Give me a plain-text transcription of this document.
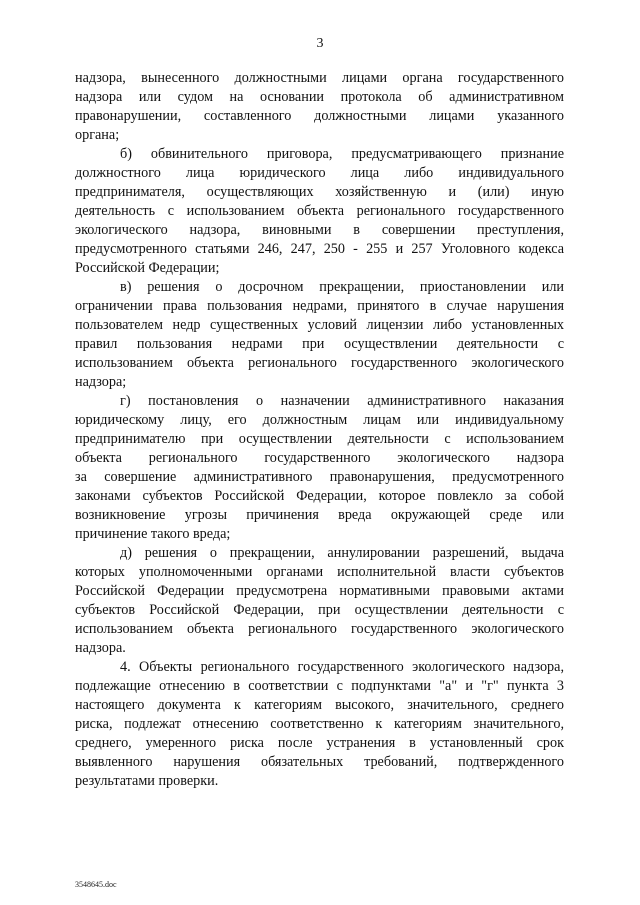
3
надзора, вынесенного должностными лицами органа государственного
надзора или судом на основании протокола об административном
правонарушении, составленного должностными лицами указанного
органа;
б) обвинительного приговора, предусматривающего признание
должностного лица юридического лица либо индивидуального
предпринимателя, осуществляющих хозяйственную и (или) иную
деятельность с использованием объекта регионального государственного
экологического надзора, виновными в совершении преступления,
предусмотренного статьями 246, 247, 250 - 255 и 257 Уголовного кодекса
Российской Федерации;
в) решения о досрочном прекращении, приостановлении или
ограничении права пользования недрами, принятого в случае нарушения
пользователем недр существенных условий лицензии либо установленных
правил пользования недрами при осуществлении деятельности с
использованием объекта регионального государственного экологического
надзора;
г) постановления о назначении административного наказания
юридическому лицу, его должностным лицам или индивидуальному
предпринимателю при осуществлении деятельности с использованием
объекта регионального государственного экологического надзора
за совершение административного правонарушения, предусмотренного
законами субъектов Российской Федерации, которое повлекло за собой
возникновение угрозы причинения вреда окружающей среде или
причинение такого вреда;
д) решения о прекращении, аннулировании разрешений, выдача
которых уполномоченными органами исполнительной власти субъектов
Российской Федерации предусмотрена нормативными правовыми актами
субъектов Российской Федерации, при осуществлении деятельности с
использованием объекта регионального государственного экологического
надзора.
4. Объекты регионального государственного экологического надзора,
подлежащие отнесению в соответствии с подпунктами "а" и "г" пункта 3
настоящего документа к категориям высокого, значительного, среднего
риска, подлежат отнесению соответственно к категориям значительного,
среднего, умеренного риска после устранения в установленный срок
выявленного нарушения обязательных требований, подтвержденного
результатами проверки.
3548645.doc
